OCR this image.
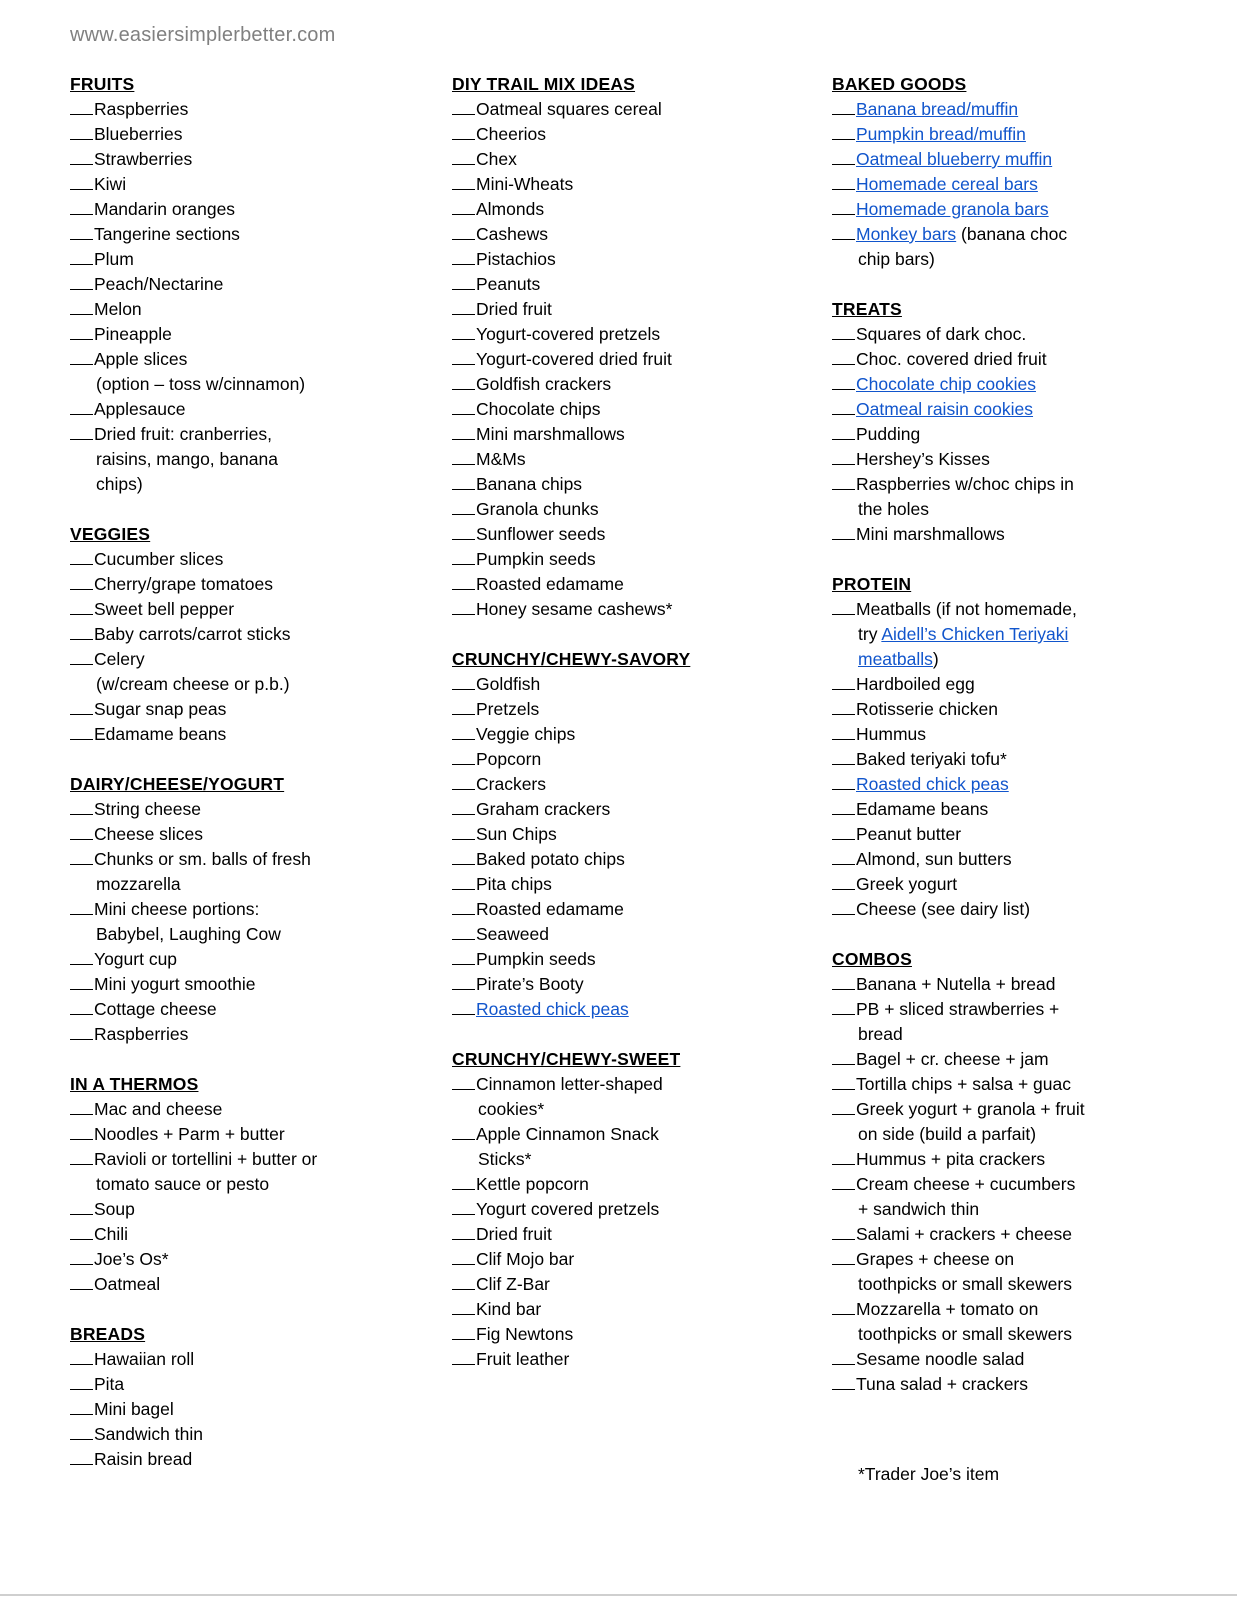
www.easiersimplerbetter.com
FRUITS
Raspberries
Blueberries
Strawberries
Kiwi
Mandarin oranges
Tangerine sections
Plum
Peach/Nectarine
Melon
Pineapple
Apple slices
(option – toss w/cinnamon)
Applesauce
Dried fruit: cranberries,
raisins, mango, banana
chips)
VEGGIES
Cucumber slices
Cherry/grape tomatoes
Sweet bell pepper
Baby carrots/carrot sticks
Celery
(w/cream cheese or p.b.)
Sugar snap peas
Edamame beans
DAIRY/CHEESE/YOGURT
String cheese
Cheese slices
Chunks or sm. balls of fresh
mozzarella
Mini cheese portions:
Babybel, Laughing Cow
Yogurt cup
Mini yogurt smoothie
Cottage cheese
Raspberries
IN A THERMOS
Mac and cheese
Noodles + Parm + butter
Ravioli or tortellini + butter or
tomato sauce or pesto
Soup
Chili
Joe’s Os*
Oatmeal
BREADS
Hawaiian roll
Pita
Mini bagel
Sandwich thin
Raisin bread
DIY TRAIL MIX IDEAS
Oatmeal squares cereal
Cheerios
Chex
Mini-Wheats
Almonds
Cashews
Pistachios
Peanuts
Dried fruit
Yogurt-covered pretzels
Yogurt-covered dried fruit
Goldfish crackers
Chocolate chips
Mini marshmallows
M&Ms
Banana chips
Granola chunks
Sunflower seeds
Pumpkin seeds
Roasted edamame
Honey sesame cashews*
CRUNCHY/CHEWY-SAVORY
Goldfish
Pretzels
Veggie chips
Popcorn
Crackers
Graham crackers
Sun Chips
Baked potato chips
Pita chips
Roasted edamame
Seaweed
Pumpkin seeds
Pirate’s Booty
Roasted chick peas
CRUNCHY/CHEWY-SWEET
Cinnamon letter-shaped
cookies*
Apple Cinnamon Snack
Sticks*
Kettle popcorn
Yogurt covered pretzels
Dried fruit
Clif Mojo bar
Clif Z-Bar
Kind bar
Fig Newtons
Fruit leather
BAKED GOODS
Banana bread/muffin
Pumpkin bread/muffin
Oatmeal blueberry muffin
Homemade cereal bars
Homemade granola bars
Monkey bars (banana choc
chip bars)
TREATS
Squares of dark choc.
Choc. covered dried fruit
Chocolate chip cookies
Oatmeal raisin cookies
Pudding
Hershey’s Kisses
Raspberries w/choc chips in
the holes
Mini marshmallows
PROTEIN
Meatballs (if not homemade,
try Aidell’s Chicken Teriyaki
meatballs)
Hardboiled egg
Rotisserie chicken
Hummus
Baked teriyaki tofu*
Roasted chick peas
Edamame beans
Peanut butter
Almond, sun butters
Greek yogurt
Cheese (see dairy list)
COMBOS
Banana + Nutella + bread
PB + sliced strawberries +
bread
Bagel + cr. cheese + jam
Tortilla chips + salsa + guac
Greek yogurt + granola + fruit
on side (build a parfait)
Hummus + pita crackers
Cream cheese + cucumbers
+ sandwich thin
Salami + crackers + cheese
Grapes + cheese on
toothpicks or small skewers
Mozzarella + tomato on
toothpicks or small skewers
Sesame noodle salad
Tuna salad + crackers
*Trader Joe’s item
